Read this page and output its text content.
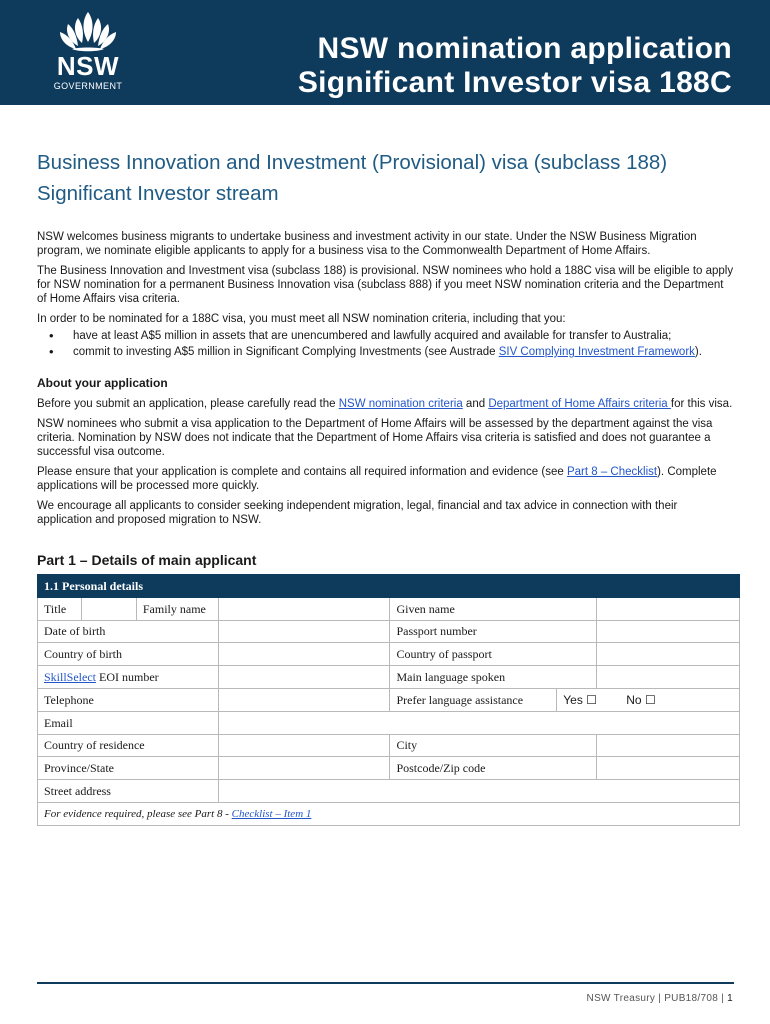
NSW
GOVERNMENT
NSW nomination application
Significant Investor visa 188C
Business Innovation and Investment (Provisional) visa (subclass 188)
Significant Investor stream

NSW welcomes business migrants to undertake business and investment activity in our state. Under the NSW Business Migration program, we nominate eligible applicants to apply for a business visa to the Commonwealth Department of Home Affairs.

The Business Innovation and Investment visa (subclass 188) is provisional. NSW nominees who hold a 188C visa will be eligible to apply for NSW nomination for a permanent Business Innovation visa (subclass 888) if you meet NSW nomination criteria and the Department of Home Affairs visa criteria.

In order to be nominated for a 188C visa, you must meet all NSW nomination criteria, including that you:

• have at least A$5 million in assets that are unencumbered and lawfully acquired and available for transfer to Australia;
• commit to investing A$5 million in Significant Complying Investments (see Austrade SIV Complying Investment Framework).
About your application

Before you submit an application, please carefully read the NSW nomination criteria and Department of Home Affairs criteria for this visa.

NSW nominees who submit a visa application to the Department of Home Affairs will be assessed by the department against the visa criteria. Nomination by NSW does not indicate that the Department of Home Affairs visa criteria is satisfied and does not guarantee a successful visa outcome.

Please ensure that your application is complete and contains all required information and evidence (see Part 8 – Checklist). Complete applications will be processed more quickly.

We encourage all applicants to consider seeking independent migration, legal, financial and tax advice in connection with their application and proposed migration to NSW.

Part 1 – Details of main applicant
1.1 Personal details						
Title		Family name		Given name		
Date of birth				Passport number		
Country of birth				Country of passport		
SkillSelect EOI number				Main language spoken		
Telephone				Prefer language assistance	Yes ☐ No ☐	
Email						
Country of residence				City		
Province/State				Postcode/Zip code		
Street address						
For evidence required, please see Part 8 - Checklist – Item 1						
NSW Treasury | PUB18/708 | 1
